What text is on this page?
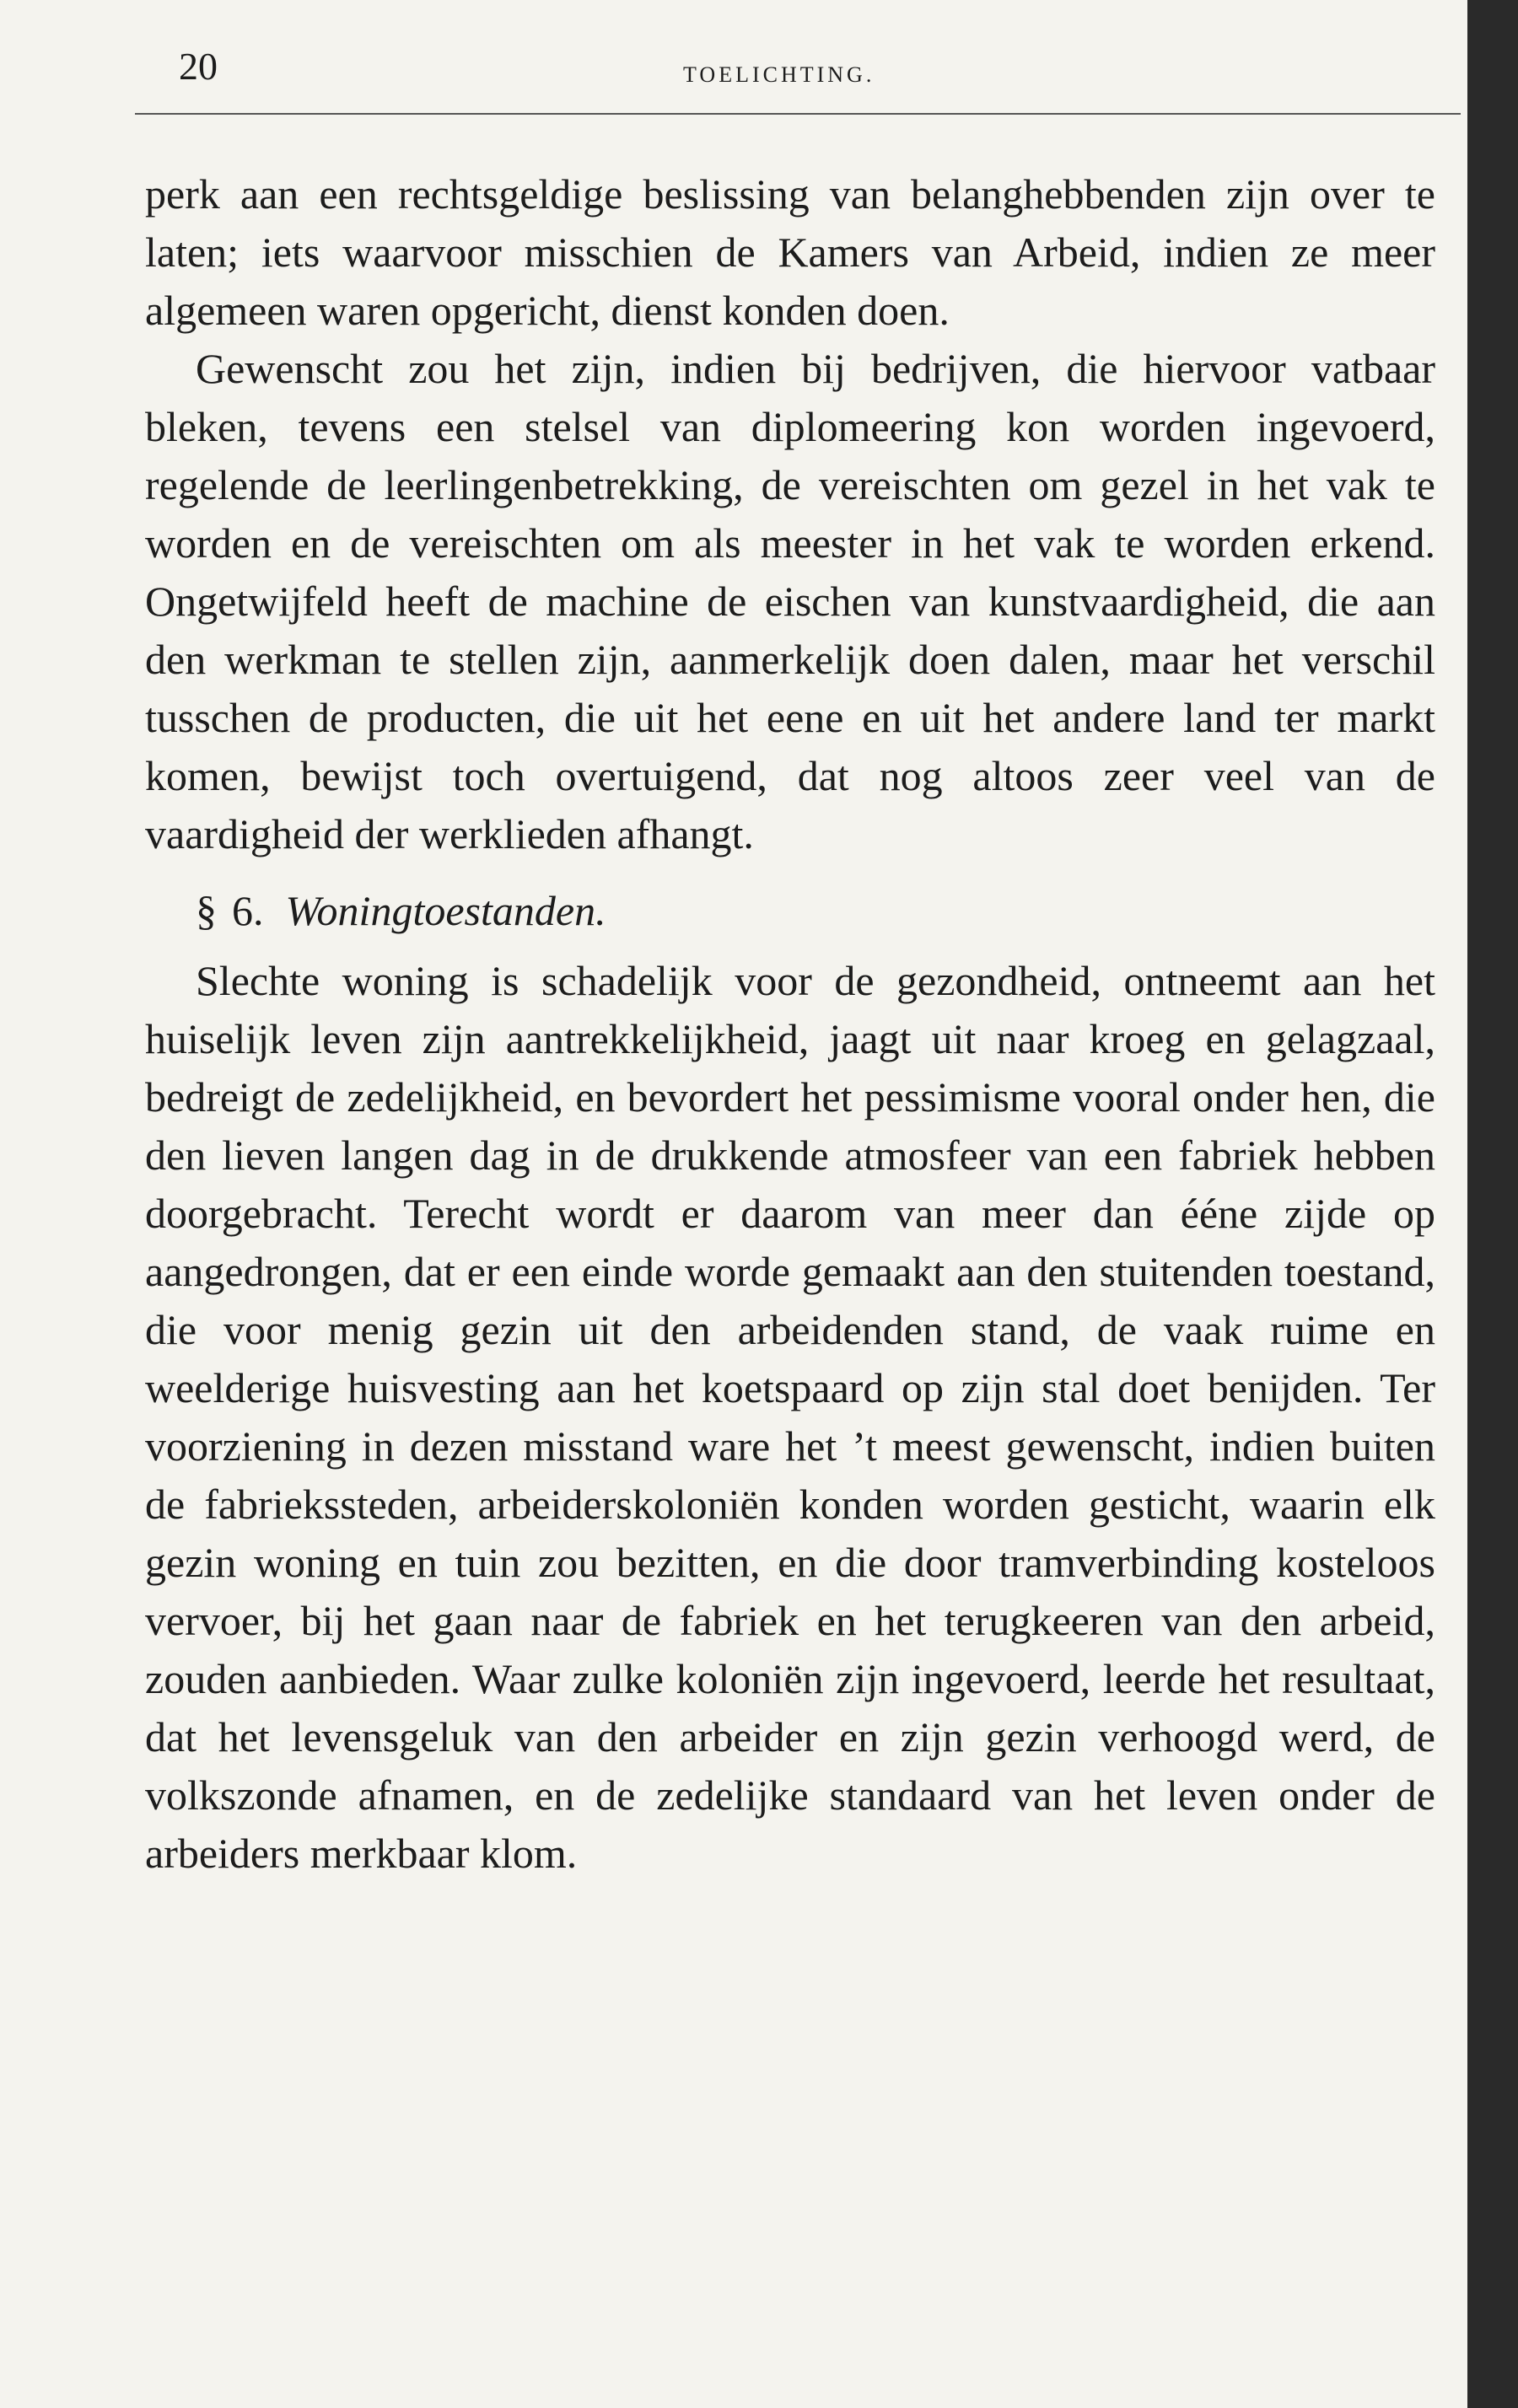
20	TOELICHTING.

perk aan een rechtsgeldige beslissing van belanghebbenden zijn over te laten; iets waarvoor misschien de Kamers van Arbeid, indien ze meer algemeen waren opgericht, dienst konden doen.

Gewenscht zou het zijn, indien bij bedrijven, die hiervoor vatbaar bleken, tevens een stelsel van diplomeering kon worden ingevoerd, regelende de leerlingenbetrekking, de vereischten om gezel in het vak te worden en de vereischten om als meester in het vak te worden erkend. Ongetwijfeld heeft de machine de eischen van kunstvaardigheid, die aan den werkman te stellen zijn, aanmerkelijk doen dalen, maar het verschil tusschen de producten, die uit het eene en uit het andere land ter markt komen, bewijst toch overtuigend, dat nog altoos zeer veel van de vaardigheid der werklieden afhangt.

§ 6. Woningtoestanden.

Slechte woning is schadelijk voor de gezondheid, ontneemt aan het huiselijk leven zijn aantrekkelijkheid, jaagt uit naar kroeg en gelagzaal, bedreigt de zedelijkheid, en bevordert het pessimisme vooral onder hen, die den lieven langen dag in de drukkende atmosfeer van een fabriek hebben doorgebracht. Terecht wordt er daarom van meer dan ééne zijde op aangedrongen, dat er een einde worde gemaakt aan den stuitenden toestand, die voor menig gezin uit den arbeidenden stand, de vaak ruime en weelderige huisvesting aan het koetspaard op zijn stal doet benijden. Ter voorziening in dezen misstand ware het ’t meest gewenscht, indien buiten de fabriekssteden, arbeiderskoloniën konden worden gesticht, waarin elk gezin woning en tuin zou bezitten, en die door tramverbinding kosteloos vervoer, bij het gaan naar de fabriek en het terugkeeren van den arbeid, zouden aanbieden. Waar zulke koloniën zijn ingevoerd, leerde het resultaat, dat het levensgeluk van den arbeider en zijn gezin verhoogd werd, de volkszonde afnamen, en de zedelijke standaard van het leven onder de arbeiders merkbaar klom.
